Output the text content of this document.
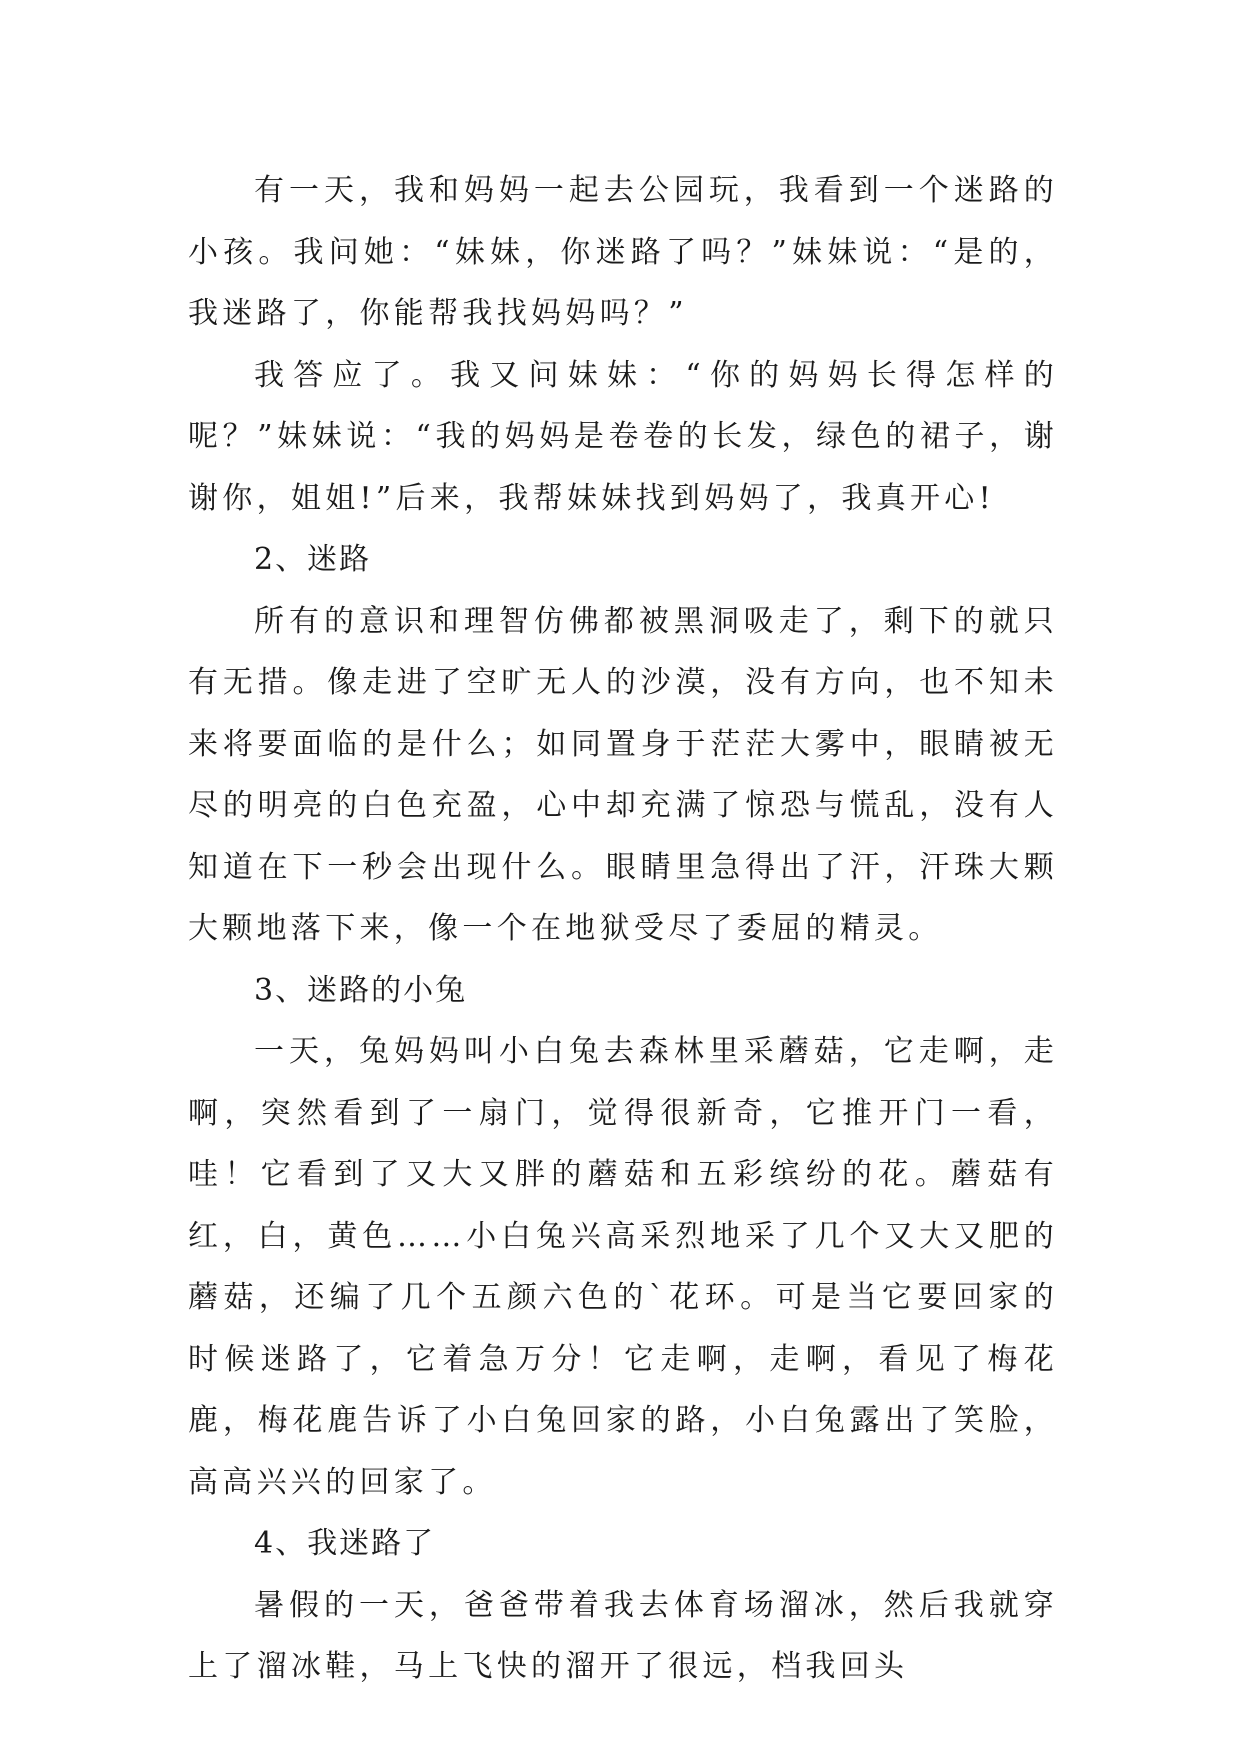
有一天，我和妈妈一起去公园玩，我看到一个迷路的小孩。我问她：“妹妹，你迷路了吗？”妹妹说：“是的，我迷路了，你能帮我找妈妈吗？”

我答应了。我又问妹妹：“你的妈妈长得怎样的呢？”妹妹说：“我的妈妈是卷卷的长发，绿色的裙子，谢谢你，姐姐!”后来，我帮妹妹找到妈妈了，我真开心!

2、迷路

所有的意识和理智仿佛都被黑洞吸走了，剩下的就只有无措。像走进了空旷无人的沙漠，没有方向，也不知未来将要面临的是什么；如同置身于茫茫大雾中，眼睛被无尽的明亮的白色充盈，心中却充满了惊恐与慌乱，没有人知道在下一秒会出现什么。眼睛里急得出了汗，汗珠大颗大颗地落下来，像一个在地狱受尽了委屈的精灵。

3、迷路的小兔

一天，兔妈妈叫小白兔去森林里采蘑菇，它走啊，走啊，突然看到了一扇门，觉得很新奇，它推开门一看，哇！它看到了又大又胖的蘑菇和五彩缤纷的花。蘑菇有红，白，黄色……小白兔兴高采烈地采了几个又大又肥的蘑菇，还编了几个五颜六色的`花环。可是当它要回家的时候迷路了，它着急万分！它走啊，走啊，看见了梅花鹿，梅花鹿告诉了小白兔回家的路，小白兔露出了笑脸，高高兴兴的回家了。

4、我迷路了

暑假的一天，爸爸带着我去体育场溜冰，然后我就穿上了溜冰鞋，马上飞快的溜开了很远，档我回头
